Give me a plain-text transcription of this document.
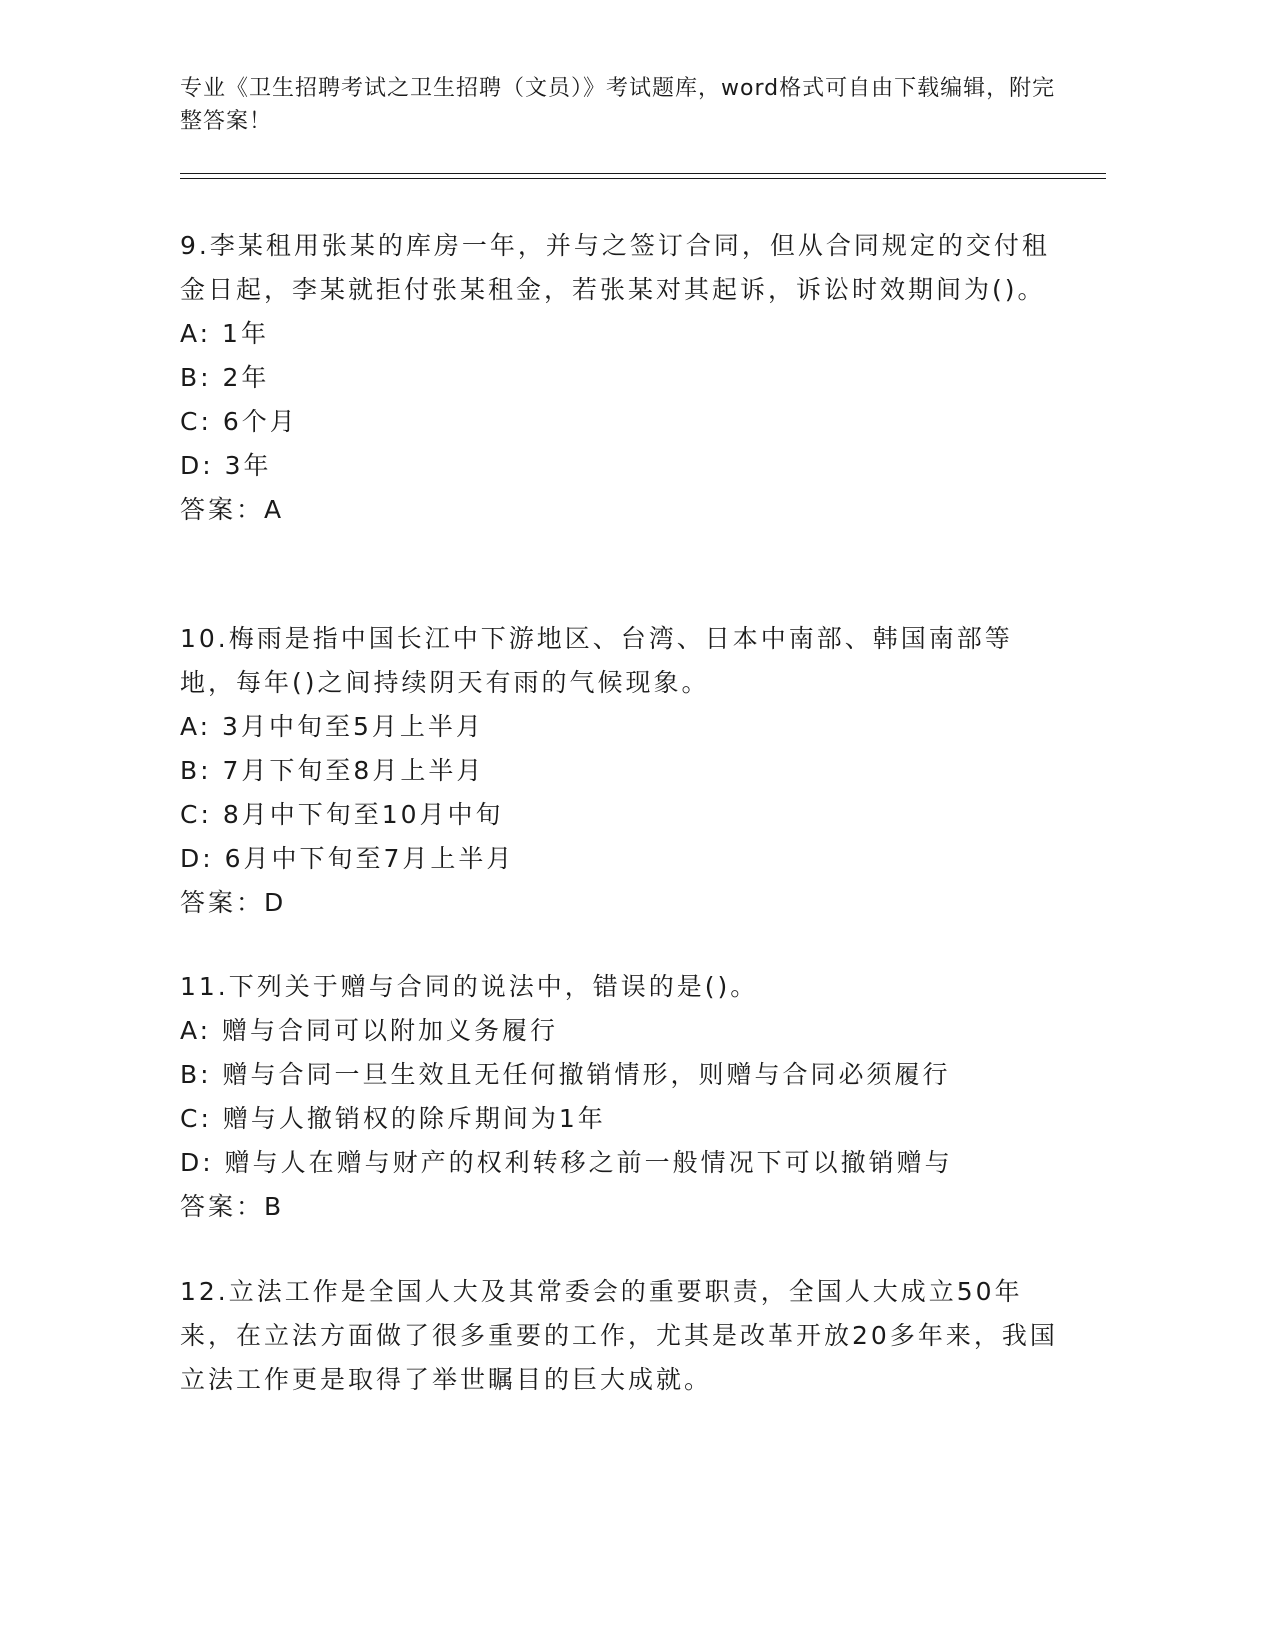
专业《卫生招聘考试之卫生招聘（文员）》考试题库，word格式可自由下载编辑，附完整答案！

9.李某租用张某的库房一年，并与之签订合同，但从合同规定的交付租金日起，李某就拒付张某租金，若张某对其起诉，诉讼时效期间为()。

A: 1年
B: 2年
C: 6个月
D: 3年

答案：A

10.梅雨是指中国长江中下游地区、台湾、日本中南部、韩国南部等地，每年()之间持续阴天有雨的气候现象。

A: 3月中旬至5月上半月
B: 7月下旬至8月上半月
C: 8月中下旬至10月中旬
D: 6月中下旬至7月上半月

答案：D

11.下列关于赠与合同的说法中，错误的是()。

A: 赠与合同可以附加义务履行
B: 赠与合同一旦生效且无任何撤销情形，则赠与合同必须履行
C: 赠与人撤销权的除斥期间为1年
D: 赠与人在赠与财产的权利转移之前一般情况下可以撤销赠与

答案：B

12.立法工作是全国人大及其常委会的重要职责，全国人大成立50年来，在立法方面做了很多重要的工作，尤其是改革开放20多年来，我国立法工作更是取得了举世瞩目的巨大成就。
